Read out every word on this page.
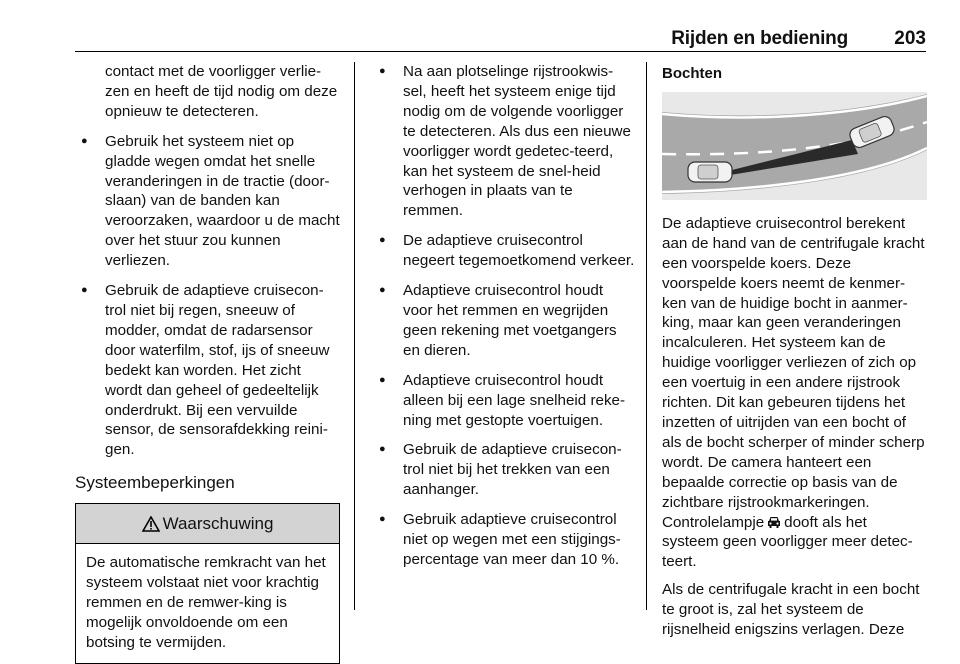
Rijden en bediening 203

contact met de voorligger verlie-zen en heeft de tijd nodig om deze opnieuw te detecteren.

● Gebruik het systeem niet op gladde wegen omdat het snelle veranderingen in de tractie (door-slaan) van de banden kan veroorzaken, waardoor u de macht over het stuur zou kunnen verliezen.
● Gebruik de adaptieve cruisecon-trol niet bij regen, sneeuw of modder, omdat de radarsensor door waterfilm, stof, ijs of sneeuw bedekt kan worden. Het zicht wordt dan geheel of gedeeltelijk onderdrukt. Bij een vervuilde sensor, de sensorafdekking reini-gen.

Systeembeperkingen

Waarschuwing
De automatische remkracht van het systeem volstaat niet voor krachtig remmen en de remwer-king is mogelijk onvoldoende om een botsing te vermijden.
● Na aan plotselinge rijstrookwis-sel, heeft het systeem enige tijd nodig om de volgende voorligger te detecteren. Als dus een nieuwe voorligger wordt gedetec-teerd, kan het systeem de snel-heid verhogen in plaats van te remmen.
● De adaptieve cruisecontrol negeert tegemoetkomend verkeer.
● Adaptieve cruisecontrol houdt voor het remmen en wegrijden geen rekening met voetgangers en dieren.
● Adaptieve cruisecontrol houdt alleen bij een lage snelheid reke-ning met gestopte voertuigen.
● Gebruik de adaptieve cruisecon-trol niet bij het trekken van een aanhanger.
● Gebruik adaptieve cruisecontrol niet op wegen met een stijgings-percentage van meer dan 10 %.

Bochten

De adaptieve cruisecontrol berekent aan de hand van de centrifugale kracht een voorspelde koers. Deze voorspelde koers neemt de kenmer-ken van de huidige bocht in aanmer-king, maar kan geen veranderingen incalculeren. Het systeem kan de huidige voorligger verliezen of zich op een voertuig in een andere rijstrook richten. Dit kan gebeuren tijdens het inzetten of uitrijden van een bocht of als de bocht scherper of minder scherp wordt. De camera hanteert een bepaalde correctie op basis van de zichtbare rijstrookmarkeringen. Controlelampje dooft als het systeem geen voorligger meer detec-teert.

Als de centrifugale kracht in een bocht te groot is, zal het systeem de rijsnelheid enigszins verlagen. Deze
